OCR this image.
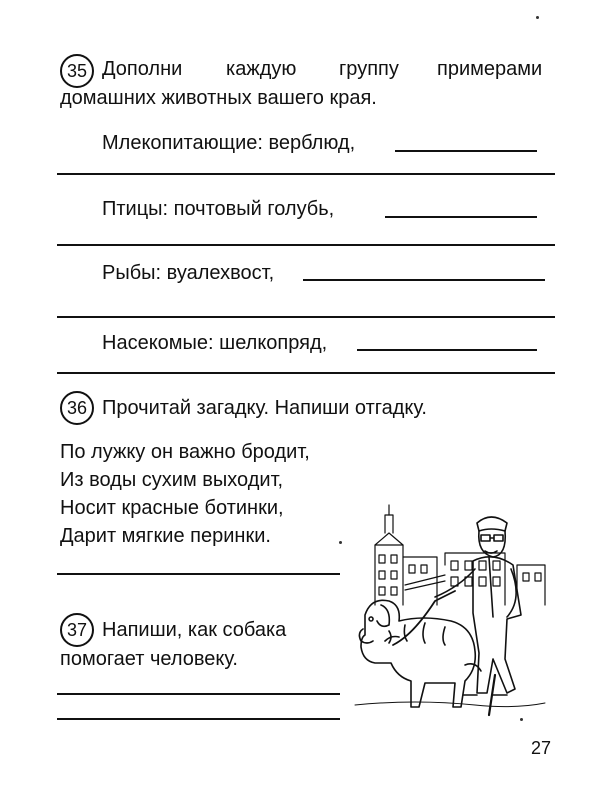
35 Дополни каждую группу примерами
домашних животных вашего края.
Млекопитающие: верблюд,
Птицы: почтовый голубь,
Рыбы: вуалехвост,
Насекомые: шелкопряд,
36 Прочитай загадку. Напиши отгадку.
По лужку он важно бродит,
Из воды сухим выходит,
Носит красные ботинки,
Дарит мягкие перинки.
37 Напиши, как собака
помогает человеку.
27
